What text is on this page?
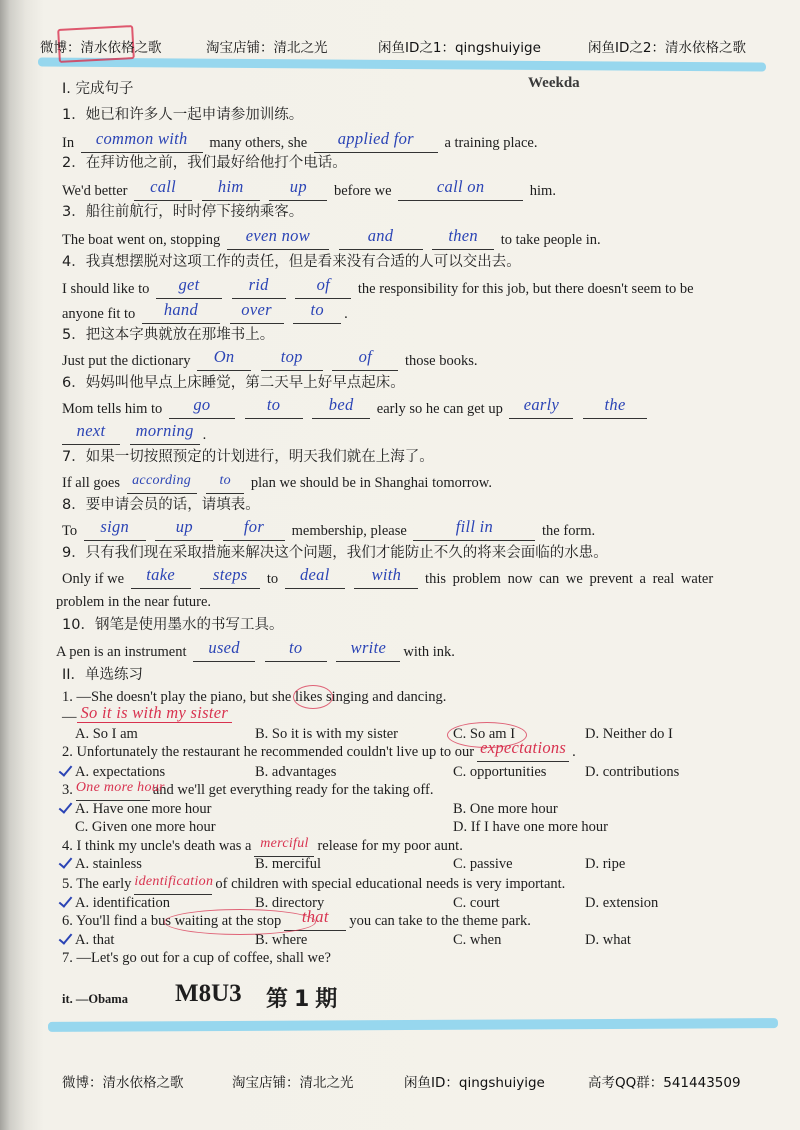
微博：清水依格之歌	淘宝店铺：清北之光	闲鱼ID之1：qingshuiyige	闲鱼ID之2：清水依格之歌
I. 完成句子	Weekda
1．她已和许多人一起申请参加训练。
In common with many others, she applied for a training place.
2．在拜访他之前，我们最好给他打个电话。
We'd better call	him	up before we	call on	him.
3．船往前航行，时时停下接纳乘客。
The boat went on, stopping even now	and	then to take people in.
4．我真想摆脱对这项工作的责任，但是看来没有合适的人可以交出去。
I should like to get	rid	of the responsibility for this job, but there doesn't seem to be
anyone fit to hand	over to .
5．把这本字典就放在那堆书上。
Just put the dictionary On	top	of those books.
6．妈妈叫他早点上床睡觉，第二天早上好早点起床。
Mom tells him to go	to	bed early so he can get up early	the
next morning .
7．如果一切按照预定的计划进行，明天我们就在上海了。
If all goes according to plan we should be in Shanghai tomorrow.
8．要申请会员的话，请填表。
To sign	up	for membership, please	fill in	the form.
9．只有我们现在采取措施来解决这个问题，我们才能防止不久的将来会面临的水患。
Only if we take steps to deal	with this problem now can we prevent a real water
problem in the near future.
10．钢笔是使用墨水的书写工具。
A pen is an instrument used	to	write with ink.
II．单选练习
1. —She doesn't play the piano, but she likes singing and dancing.
— So it is with my sister
A. So I am	B. So it is with my sister	C. So am I	D. Neither do I
2. Unfortunately the restaurant he recommended couldn't live up to our expectations .
A. expectations	B. advantages	C. opportunities	D. contributions
3. One more hourand we'll get everything ready for the taking off.
A. Have one more hour	B. One more hour
C. Given one more hour	D. If I have one more hour
4. I think my uncle's death was a merciful release for my poor aunt.
A. stainless	B. merciful	C. passive	D. ripe
5. The early identification of children with special educational needs is very important.
A. identification	B. directory	C. court	D. extension
6. You'll find a bus waiting at the stop that you can take to the theme park.
A. that	B. where	C. when	D. what
7. —Let's go out for a cup of coffee, shall we?
it. —Obama M8U3 第1期
微博：清水依格之歌	淘宝店铺：清北之光	闲鱼ID：qingshuiyige	高考QQ群：541443509
